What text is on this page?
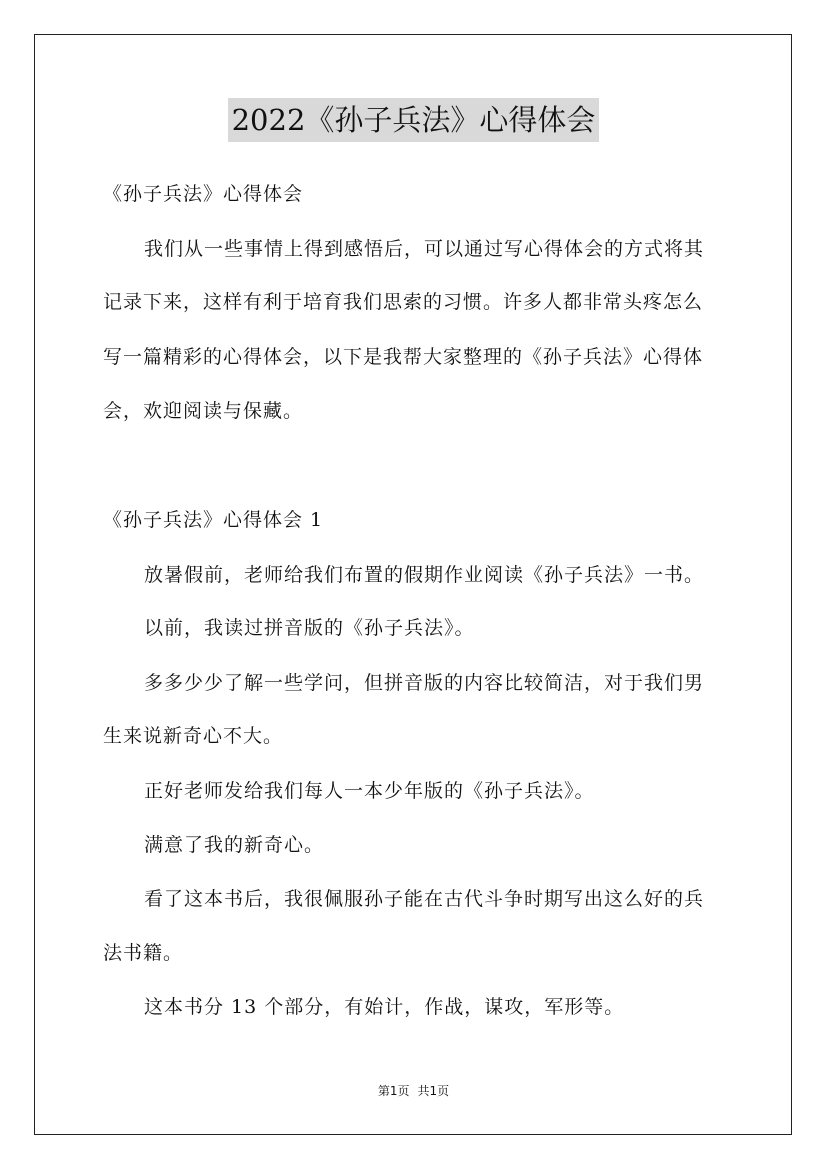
2022《孙子兵法》心得体会
《孙子兵法》心得体会
我们从一些事情上得到感悟后，可以通过写心得体会的方式将其
记录下来，这样有利于培育我们思索的习惯。许多人都非常头疼怎么
写一篇精彩的心得体会，以下是我帮大家整理的《孙子兵法》心得体
会，欢迎阅读与保藏。
《孙子兵法》心得体会 1
放暑假前，老师给我们布置的假期作业阅读《孙子兵法》一书。
以前，我读过拼音版的《孙子兵法》。
多多少少了解一些学问，但拼音版的内容比较简洁，对于我们男
生来说新奇心不大。
正好老师发给我们每人一本少年版的《孙子兵法》。
满意了我的新奇心。
看了这本书后，我很佩服孙子能在古代斗争时期写出这么好的兵
法书籍。
这本书分 13 个部分，有始计，作战，谋攻，军形等。
第1页 共1页
